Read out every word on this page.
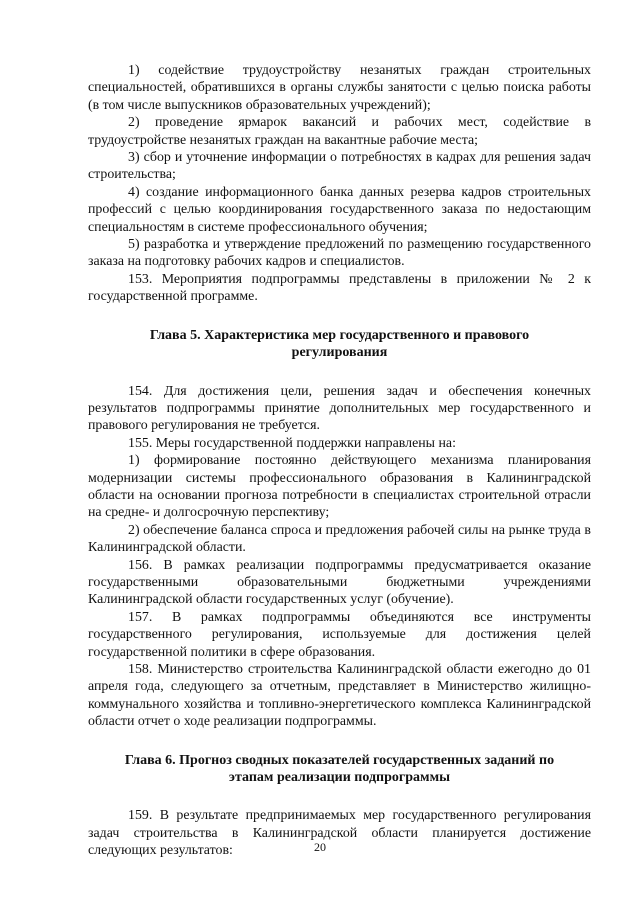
1) содействие трудоустройству незанятых граждан строительных специальностей, обратившихся в органы службы занятости с целью поиска работы (в том числе выпускников образовательных учреждений);

2) проведение ярмарок вакансий и рабочих мест, содействие в трудоустройстве незанятых граждан на вакантные рабочие места;

3) сбор и уточнение информации о потребностях в кадрах для решения задач строительства;

4) создание информационного банка данных резерва кадров строительных профессий с целью координирования государственного заказа по недостающим специальностям в системе профессионального обучения;

5) разработка и утверждение предложений по размещению государственного заказа на подготовку рабочих кадров и специалистов.

153. Мероприятия подпрограммы представлены в приложении № 2 к государственной программе.

Глава 5. Характеристика мер государственного и правового регулирования

154. Для достижения цели, решения задач и обеспечения конечных результатов подпрограммы принятие дополнительных мер государственного и правового регулирования не требуется.

155. Меры государственной поддержки направлены на:

1) формирование постоянно действующего механизма планирования модернизации системы профессионального образования в Калининградской области на основании прогноза потребности в специалистах строительной отрасли на средне- и долгосрочную перспективу;

2) обеспечение баланса спроса и предложения рабочей силы на рынке труда в Калининградской области.

156. В рамках реализации подпрограммы предусматривается оказание государственными образовательными бюджетными учреждениями Калининградской области государственных услуг (обучение).

157. В рамках подпрограммы объединяются все инструменты государственного регулирования, используемые для достижения целей государственной политики в сфере образования.

158. Министерство строительства Калининградской области ежегодно до 01 апреля года, следующего за отчетным, представляет в Министерство жилищно-коммунального хозяйства и топливно-энергетического комплекса Калининградской области отчет о ходе реализации подпрограммы.

Глава 6. Прогноз сводных показателей государственных заданий по этапам реализации подпрограммы

159. В результате предпринимаемых мер государственного регулирования задач строительства в Калининградской области планируется достижение следующих результатов:	20
